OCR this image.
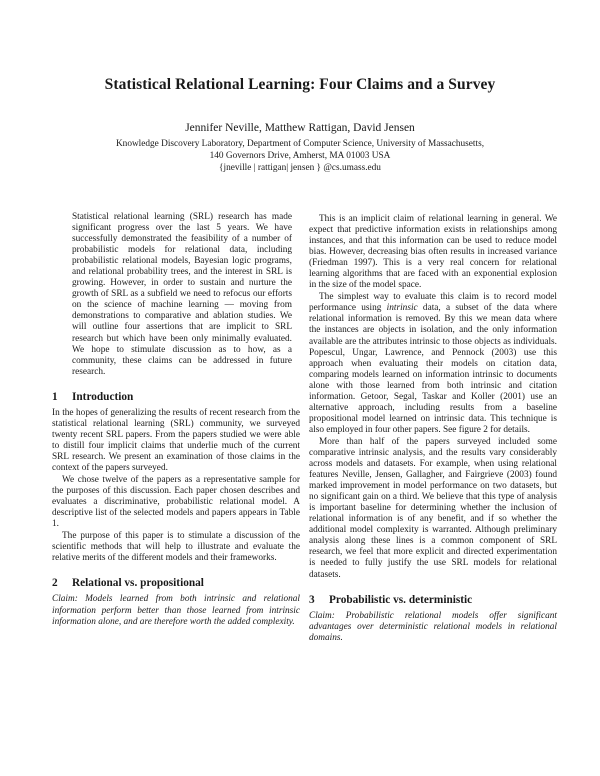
Statistical Relational Learning: Four Claims and a Survey
Jennifer Neville, Matthew Rattigan, David Jensen
Knowledge Discovery Laboratory, Department of Computer Science, University of Massachusetts,
140 Governors Drive, Amherst, MA 01003 USA
{jneville | rattigan| jensen } @cs.umass.edu

Statistical relational learning (SRL) research has made significant progress over the last 5 years. We have successfully demonstrated the feasibility of a number of probabilistic models for relational data, including probabilistic relational models, Bayesian logic programs, and relational probability trees, and the interest in SRL is growing. However, in order to sustain and nurture the growth of SRL as a subfield we need to refocus our efforts on the science of machine learning — moving from demonstrations to comparative and ablation studies. We will outline four assertions that are implicit to SRL research but which have been only minimally evaluated. We hope to stimulate discussion as to how, as a community, these claims can be addressed in future research.

1 Introduction

In the hopes of generalizing the results of recent research from the statistical relational learning (SRL) community, we surveyed twenty recent SRL papers. From the papers studied we were able to distill four implicit claims that underlie much of the current SRL research. We present an examination of those claims in the context of the papers surveyed.

We chose twelve of the papers as a representative sample for the purposes of this discussion. Each paper chosen describes and evaluates a discriminative, probabilistic relational model. A descriptive list of the selected models and papers appears in Table 1.

The purpose of this paper is to stimulate a discussion of the scientific methods that will help to illustrate and evaluate the relative merits of the different models and their frameworks.

2 Relational vs. propositional

Claim: Models learned from both intrinsic and relational information perform better than those learned from intrinsic information alone, and are therefore worth the added complexity.

This is an implicit claim of relational learning in general. We expect that predictive information exists in relationships among instances, and that this information can be used to reduce model bias. However, decreasing bias often results in increased variance (Friedman 1997). This is a very real concern for relational learning algorithms that are faced with an exponential explosion in the size of the model space.

The simplest way to evaluate this claim is to record model performance using intrinsic data, a subset of the data where relational information is removed. By this we mean data where the instances are objects in isolation, and the only information available are the attributes intrinsic to those objects as individuals. Popescul, Ungar, Lawrence, and Pennock (2003) use this approach when evaluating their models on citation data, comparing models learned on information intrinsic to documents alone with those learned from both intrinsic and citation information. Getoor, Segal, Taskar and Koller (2001) use an alternative approach, including results from a baseline propositional model learned on intrinsic data. This technique is also employed in four other papers. See figure 2 for details.

More than half of the papers surveyed included some comparative intrinsic analysis, and the results vary considerably across models and datasets. For example, when using relational features Neville, Jensen, Gallagher, and Fairgrieve (2003) found marked improvement in model performance on two datasets, but no significant gain on a third. We believe that this type of analysis is important baseline for determining whether the inclusion of relational information is of any benefit, and if so whether the additional model complexity is warranted. Although preliminary analysis along these lines is a common component of SRL research, we feel that more explicit and directed experimentation is needed to fully justify the use SRL models for relational datasets.

3 Probabilistic vs. deterministic

Claim: Probabilistic relational models offer significant advantages over deterministic relational models in relational domains.
